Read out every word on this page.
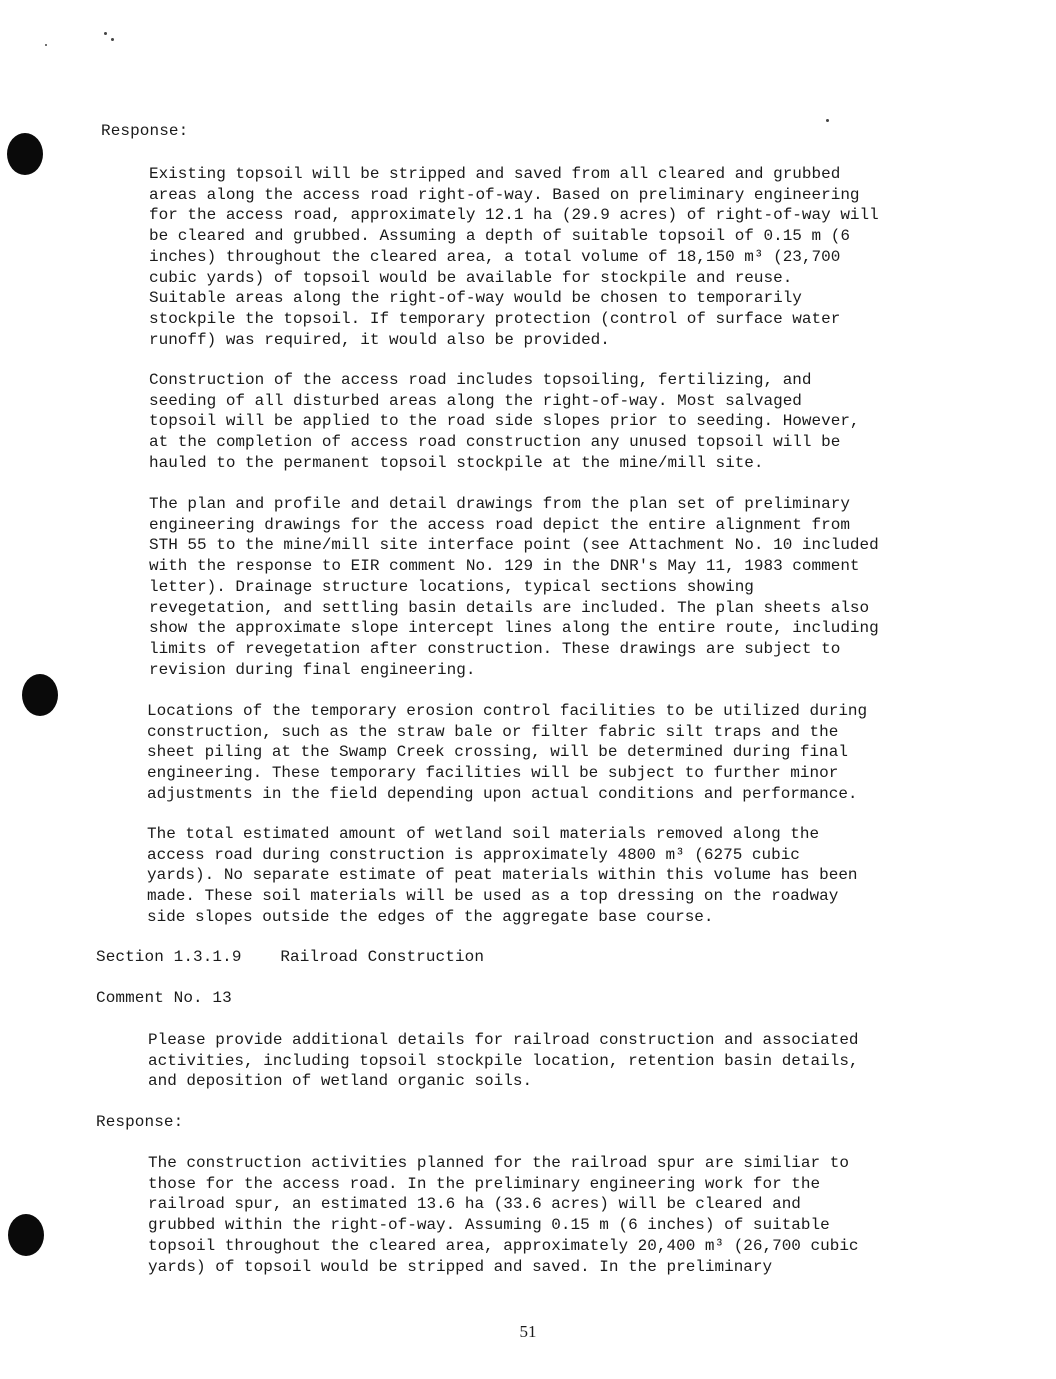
Response:

Existing topsoil will be stripped and saved from all cleared and grubbed
areas along the access road right-of-way. Based on preliminary engineering
for the access road, approximately 12.1 ha (29.9 acres) of right-of-way will
be cleared and grubbed. Assuming a depth of suitable topsoil of 0.15 m (6
inches) throughout the cleared area, a total volume of 18,150 m³ (23,700
cubic yards) of topsoil would be available for stockpile and reuse.
Suitable areas along the right-of-way would be chosen to temporarily
stockpile the topsoil. If temporary protection (control of surface water
runoff) was required, it would also be provided.

Construction of the access road includes topsoiling, fertilizing, and
seeding of all disturbed areas along the right-of-way. Most salvaged
topsoil will be applied to the road side slopes prior to seeding. However,
at the completion of access road construction any unused topsoil will be
hauled to the permanent topsoil stockpile at the mine/mill site.

The plan and profile and detail drawings from the plan set of preliminary
engineering drawings for the access road depict the entire alignment from
STH 55 to the mine/mill site interface point (see Attachment No. 10 included
with the response to EIR comment No. 129 in the DNR's May 11, 1983 comment
letter). Drainage structure locations, typical sections showing
revegetation, and settling basin details are included. The plan sheets also
show the approximate slope intercept lines along the entire route, including
limits of revegetation after construction. These drawings are subject to
revision during final engineering.

Locations of the temporary erosion control facilities to be utilized during
construction, such as the straw bale or filter fabric silt traps and the
sheet piling at the Swamp Creek crossing, will be determined during final
engineering. These temporary facilities will be subject to further minor
adjustments in the field depending upon actual conditions and performance.

The total estimated amount of wetland soil materials removed along the
access road during construction is approximately 4800 m³ (6275 cubic
yards). No separate estimate of peat materials within this volume has been
made. These soil materials will be used as a top dressing on the roadway
side slopes outside the edges of the aggregate base course.

Section 1.3.1.9    Railroad Construction
Comment No. 13

Please provide additional details for railroad construction and associated
activities, including topsoil stockpile location, retention basin details,
and deposition of wetland organic soils.

Response:

The construction activities planned for the railroad spur are similiar to
those for the access road. In the preliminary engineering work for the
railroad spur, an estimated 13.6 ha (33.6 acres) will be cleared and
grubbed within the right-of-way. Assuming 0.15 m (6 inches) of suitable
topsoil throughout the cleared area, approximately 20,400 m³ (26,700 cubic
yards) of topsoil would be stripped and saved. In the preliminary

51
